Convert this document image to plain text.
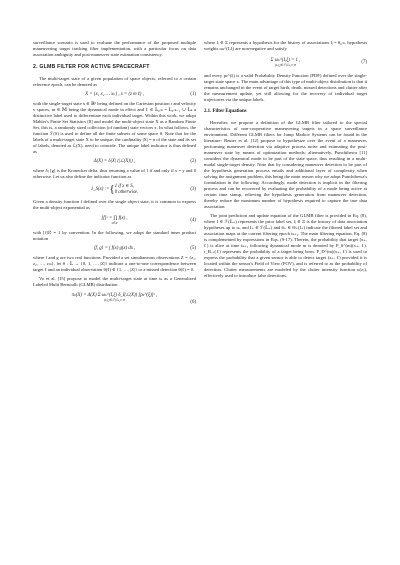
surveillance scenario is used to evaluate the performance of the proposed multiple maneuvering target tracking filter implementation, with a particular focus on data association ambiguity and post-maneuver state estimation consistency.

2. GLMB FILTER FOR ACTIVE SPACECRAFT

The multi-target state of a given population of space objects, referred to a certain reference epoch, can be denoted as

X = {x₁ x₂ … xₙ} , x = (z m ℓ) ,	(1)

with the single-target state x ∈ ℝᵈ being defined on the Cartesian position r and velocity v spaces, m ∈ 𝕄 being the dynamical mode in effect and ℓ ∈ 𝕃₀:ₖ = 𝕃₀:ₖ₋₁ ∪ 𝕃ₖ a distinctive label used to differentiate each individual target. Within this work, we adopt Mahler's Finite Set Statistics [8] and model the multi-object state X as a Random Finite Set, this is, a randomly sized collection (of random) state vectors x. In what follows, the function ℱ(S) is used to define all the finite subsets of some space S. Note that for the labels of a multi-target state X to be unique, the cardinality |X| = n of the state and its set of labels, denoted as ℒ(X), need to coincide. The unique label indicator is thus defined as

Δ(X) = δ|X| (|ℒ(X)|) ,	(2)

where δⱼ [g] is the Kronecker delta, thus returning a value of 1 if and only if x = y and 0 otherwise. Let us also define the indicator function as

1_S(x) := { 1 if x ∈ S,
0 otherwise.
(3)

Given a density function f defined over the single object state, it is common to express the multi-object exponential as

[f]ˣ = ∏ f(x) ,
x∈X	(4)

with [f]∅ = 1 by convention. In the following, we adopt the standard inner product notation

⟨f, g⟩ = ∫ f(x) g(x) dx ,	(5)

where f and g are two real functions. Provided a set simultaneous observations Z = {z₁, z₂, …, zₘ}, let θ : 𝕃 → {0, 1, …, |Z|} indicate a one-to-one correspondence between target ℓ and an individual observation θ(ℓ) ∈ {1, …, |Z|} or a missed detection θ(ℓ) = 0.

Vo et al. [15] propose to model the multi-target state at time tₖ as a Generalized Labeled Multi Bernoulli (GLMB) distribution

πₖ(X) = Δ(X) Σ ωₖ^(I,ξ) δ_I(ℒ(X)) [pₖ^(ξ)]ˣ ,
(I,ξ)∈ℱ(𝕃ₖ)×Ξ	(6)

where ξ ∈ Ξ represents a hypothesis for the history of associations ξ = θ₀:ₖ, hypothesis weights ωₖ^(I,ξ) are non-negative and satisfy

Σ ωₖ^(I,ξ) = 1 ,
(I,ξ)∈ℱ(𝕃ₖ)×Ξ	(7)

and every pₖ^(ξ) is a valid Probability Density Function (PDF) defined over the single-target state space x. The main advantage of this type of multi-object distribution is that it remains unchanged in the event of target birth, death, missed detections and clutter after the measurement update, yet still allowing for the recovery of individual target trajectories via the unique labels.

2.1. Filter Equations

Hereafter, we propose a definition of the GLMB filter tailored to the special characteristics of non-cooperative maneuvering targets in a space surveillance environment. Different GLMB filters for Jump Markov Systems can be found in the literature: Reuter et al. [12] propose to hypothesize over the event of a maneuver, performing maneuver detection via adaptive process noise and estimating the post-maneuver state by means of optimization methods; alternatively, Punchihewa [11] considers the dynamical mode to be part of the state space, thus resulting in a multi-modal single-target density. Note that by considering maneuver detection to be part of the hypothesis generation process entails and additional layer of complexity when solving the assignment problem, this being the main reason why we adopt Punchihewa's formulation in the following. Accordingly, mode detection is implicit in the filtering process and can be recovered by evaluating the probability of a mode being active at certain time stamp, relieving the hypothesis generation from maneuver detection, thereby reduce the maximum number of hypothesis required to capture the true data association.

The joint prediction and update equation of the GLMB filter is provided in Eq. (8), where I ∈ ℱ(𝕃₊) represents the prior label set, ξ ∈ Ξ is the history of data association hypotheses up to tₖ, and I₊ ∈ ℱ(𝕃₊) and θ₊ ∈ Θ₊(I₊) indicate the filtered label set and association maps at the current filtering epoch tₖ₊₁. The main filtering equation, Eq. (8) is complemented by expressions in Eqs. (9-17). Therein, the probability that target (x₊, ℓ) is alive at time tₖ₊₁ following dynamical mode m is denoted by P_S^(m)(x₊, ℓ). r_B,₊(ℓ) represents the probability of a target being born. P_D^(m)(x₊, ℓ) is used to express the probability that a given sensor is able to detect target (x₊, ℓ) provided it is located within the sensor's Field of View (FOV), and is referred to as the probability of detection. Clutter measurements are modeled by the clutter intensity function κ(zⱼ), effectively used to introduce false detections.
